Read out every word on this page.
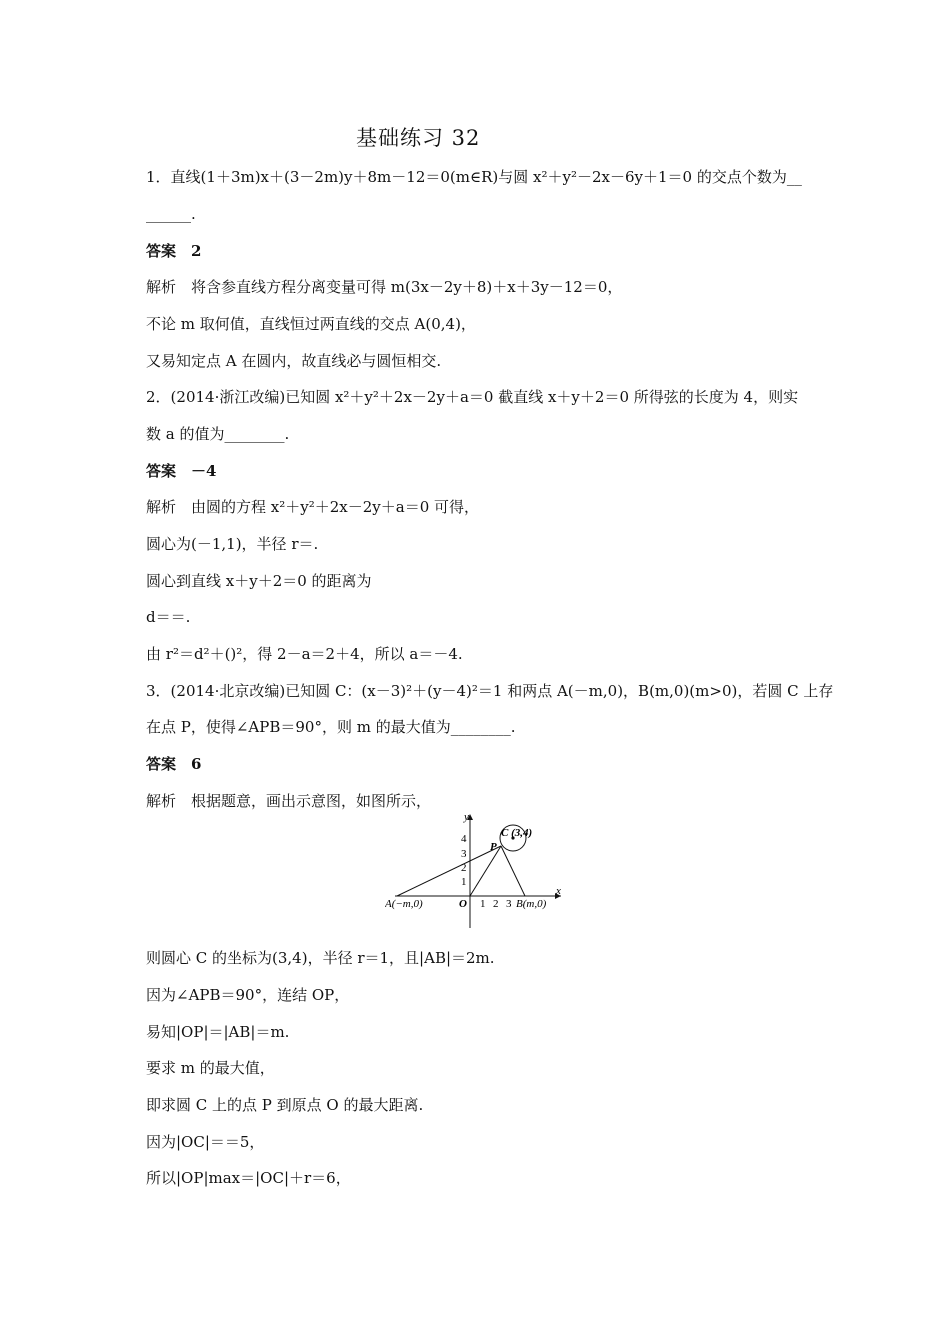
基础练习 32
1．直线(1＋3m)x＋(3－2m)y＋8m－12＝0(m∈R)与圆 x²＋y²－2x－6y＋1＝0 的交点个数为__
______.
答案　2
解析　将含参直线方程分离变量可得 m(3x－2y＋8)＋x＋3y－12＝0，
不论 m 取何值，直线恒过两直线的交点 A(0,4)，
又易知定点 A 在圆内，故直线必与圆恒相交.
2．(2014·浙江改编)已知圆 x²＋y²＋2x－2y＋a＝0 截直线 x＋y＋2＝0 所得弦的长度为 4，则实
数 a 的值为________.
答案　－4
解析　由圆的方程 x²＋y²＋2x－2y＋a＝0 可得，
圆心为(－1,1)，半径 r＝.
圆心到直线 x＋y＋2＝0 的距离为
d＝＝.
由 r²＝d²＋()²，得 2－a＝2＋4，所以 a＝－4.
3．(2014·北京改编)已知圆 C：(x－3)²＋(y－4)²＝1 和两点 A(－m,0)，B(m,0)(m>0)，若圆 C 上存
在点 P，使得∠APB＝90°，则 m 的最大值为________.
答案　6
解析　根据题意，画出示意图，如图所示，
y
x
O
1
2
3
4
1 2 3
A(−m,0)	B(m,0)
P
C (3,4)
则圆心 C 的坐标为(3,4)，半径 r＝1，且|AB|＝2m.
因为∠APB＝90°，连结 OP，
易知|OP|＝|AB|＝m.
要求 m 的最大值，
即求圆 C 上的点 P 到原点 O 的最大距离.
因为|OC|＝＝5，
所以|OP|max＝|OC|＋r＝6，
